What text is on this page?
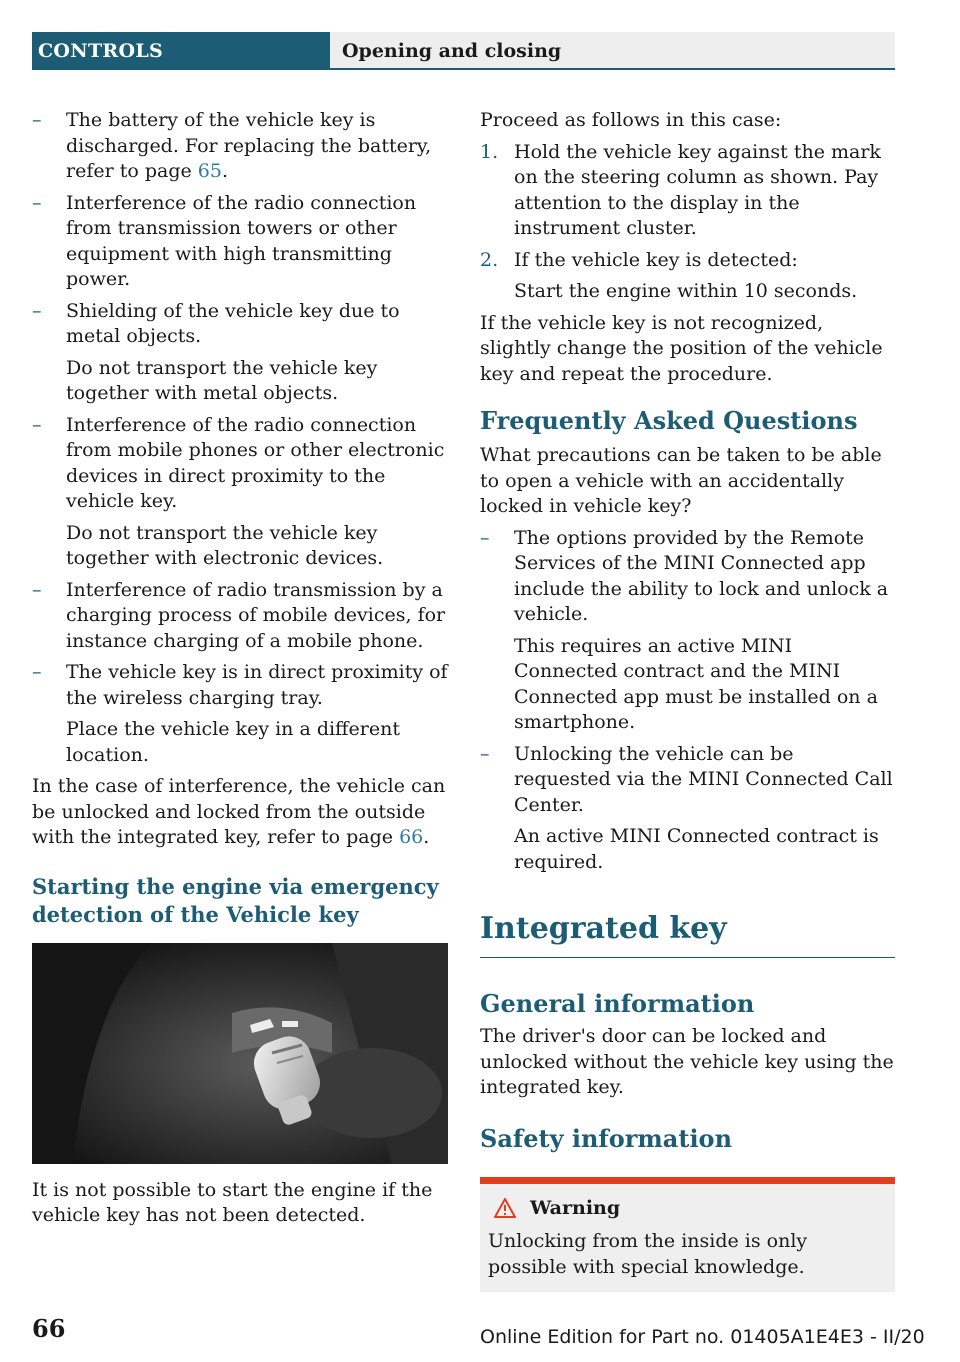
CONTROLS	Opening and closing
– The battery of the vehicle key is discharged. For replacing the battery, refer to page 65.

– Interference of the radio connection from transmission towers or other equipment with high transmitting power.

– Shielding of the vehicle key due to metal objects.

Do not transport the vehicle key together with metal objects.

– Interference of the radio connection from mobile phones or other electronic devices in direct proximity to the vehicle key.

Do not transport the vehicle key together with electronic devices.

– Interference of radio transmission by a charging process of mobile devices, for instance charging of a mobile phone.

– The vehicle key is in direct proximity of the wireless charging tray.

Place the vehicle key in a different location.

In the case of interference, the vehicle can be unlocked and locked from the outside with the integrated key, refer to page 66.

Starting the engine via emergency detection of the Vehicle key

It is not possible to start the engine if the vehicle key has not been detected.

Proceed as follows in this case:

1. Hold the vehicle key against the mark on the steering column as shown. Pay attention to the display in the instrument cluster.

2. If the vehicle key is detected:

Start the engine within 10 seconds.

If the vehicle key is not recognized, slightly change the position of the vehicle key and repeat the procedure.

Frequently Asked Questions

What precautions can be taken to be able to open a vehicle with an accidentally locked in vehicle key?

– The options provided by the Remote Services of the MINI Connected app include the ability to lock and unlock a vehicle.

This requires an active MINI Connected contract and the MINI Connected app must be installed on a smartphone.

– Unlocking the vehicle can be requested via the MINI Connected Call Center.

An active MINI Connected contract is required.

Integrated key
General information

The driver's door can be locked and unlocked without the vehicle key using the integrated key.

Safety information
Warning

Unlocking from the inside is only possible with special knowledge.

66	Online Edition for Part no. 01405A1E4E3 - II/20
